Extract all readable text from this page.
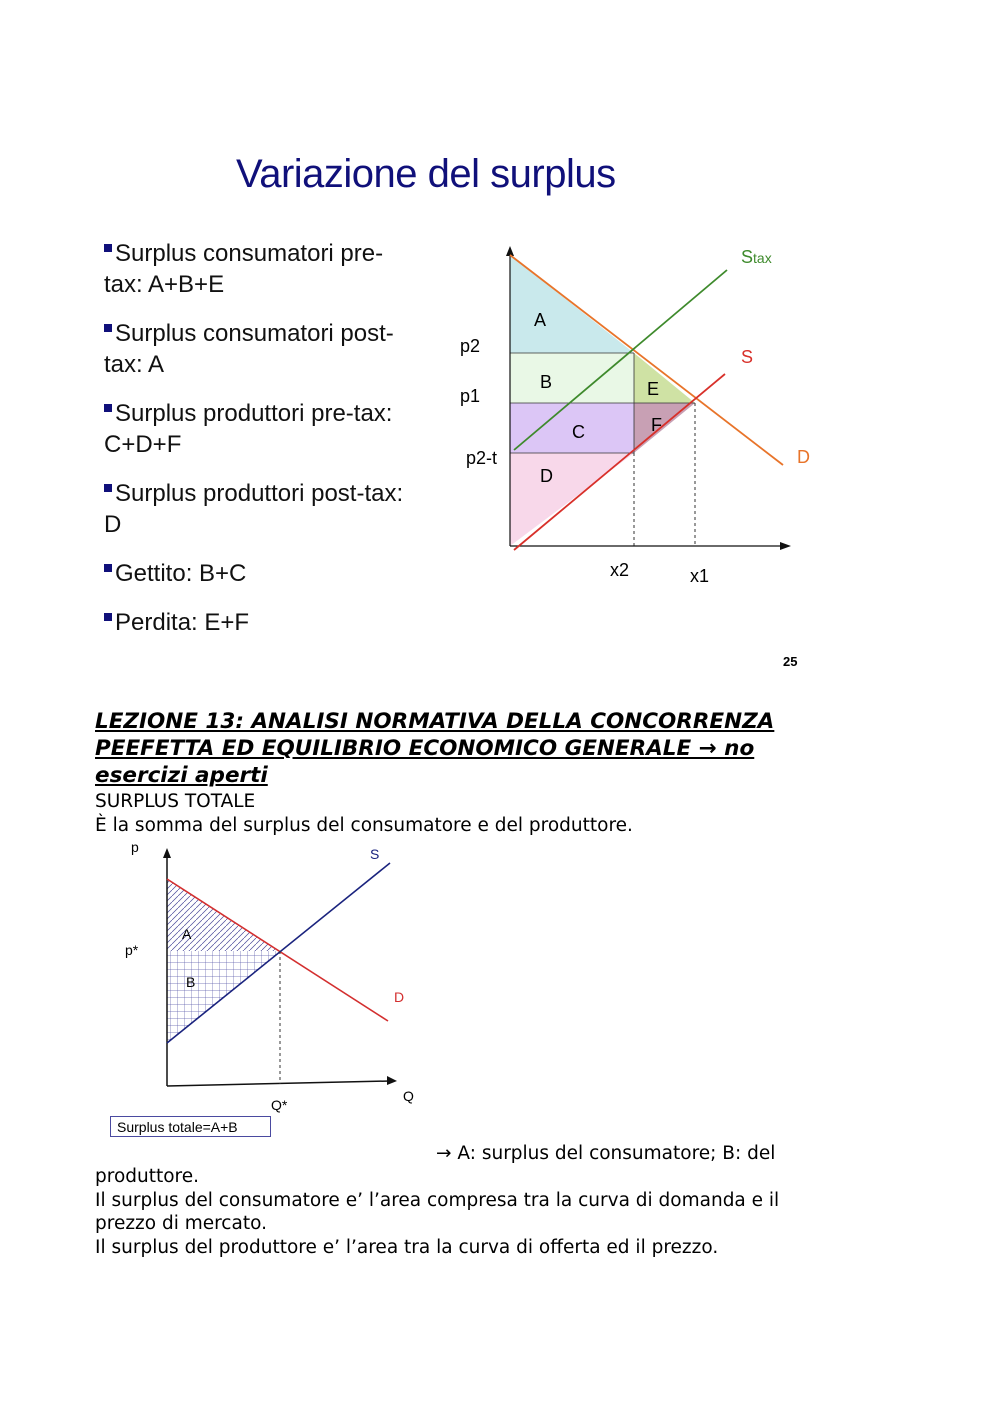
Variazione del surplus
Surplus consumatori pre-tax: A+B+E
Surplus consumatori post-tax: A
Surplus produttori pre-tax: C+D+F
Surplus produttori post-tax: D
Gettito: B+C
Perdita: E+F
A
B
C
D
E
F
p2
p1
p2-t
x2	x1
Stax
S
D
25
LEZIONE 13: ANALISI NORMATIVA DELLA CONCORRENZA
PEEFETTA ED EQUILIBRIO ECONOMICO GENERALE → no
esercizi aperti
SURPLUS TOTALE
È la somma del surplus del consumatore e del produttore.
p
Q
p*
Q*
S
D
A
B
Surplus totale=A+B
→ A: surplus del consumatore; B: del
produttore.
Il surplus del consumatore e’ l’area compresa tra la curva di domanda e il
prezzo di mercato.
Il surplus del produttore e’ l’area tra la curva di offerta ed il prezzo.
